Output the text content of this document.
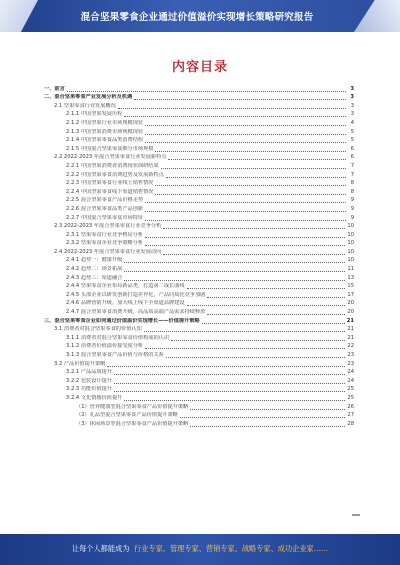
混合坚果零食企业通过价值溢价实现增长策略研究报告
内容目录
一、前言	3
二、混合坚果零食产业发展分析及机遇	3
2.1 坚果零食行业发展概况	3
2.1.1 中国坚果发展历程	3
2.1.2 中国坚果行业市场规模现状	4
2.1.3 中国坚果消费市场规模现状	5
2.1.4 中国坚果零食品类消费结构	5
2.1.5 中国混合坚果零食细分市场规模	6
2.2 2022-2023 年混合坚果零食行业发展新特点	6
2.2.1 中国坚果消费者消费现状调研结果	7
2.2.2 中国坚果零食消费趋势及发展新特点	7
2.2.3 中国坚果零食行业线上销售情况	8
2.2.4 中国坚果零食线下渠道销售情况	8
2.2.5 混合坚果零食产品价格走势	9
2.2.6 混合坚果零食品类产品创新	9
2.2.7 中国混合坚果零食市场特征	9
2.3 2022-2023 年混合坚果零食行业竞争分析	10
2.3.1 坚果零食行业竞争格局分析	10
2.3.2 坚果零食企业竞争策略分析	10
2.4 2022-2023 年混合坚果零食行业发展动向	10
2.4.1 趋势一：健康升级	10
2.4.2 趋势二：场景拓展	11
2.4.3 趋势三：渠道融合	13
2.4.4 坚果零食企业布局新品类，打造第二成长曲线	15
2.4.5 头部企业以研发创新打造差异化，产品同质化竞争加剧	17
2.4.6 品牌营销升级，加大线上线下全渠道品牌建设	20
2.4.7 混合坚果零食消费升级，高品质高端产品需求持续释放	20
三、混合坚果零食企业如何通过价值溢价实现增长——价值提升策略	21
3.1 消费者对混合坚果零食的价值认知	21
3.1.1 消费者对混合坚果零食价值构成的认识	21
3.1.2 消费者价值溢价接受度分析	22
3.1.3 混合坚果零食产品价值与价格的关系	23
3.2 产品价值提升策略	23
3.2.1 产品品质提升	24
3.2.2 包装设计提升	24
3.2.3 功能价值提升	25
3.2.4 文化情感价值提升	25
（1）营养健康型混合坚果零食产品价值提升策略	26
（2）礼品型混合坚果零食产品价值提升策略	27
（3）休闲场景型混合坚果零食产品价值提升策略	28
让每个人都能成为 行业专家、管理专家、营销专家、战略专家、成功企业家……
